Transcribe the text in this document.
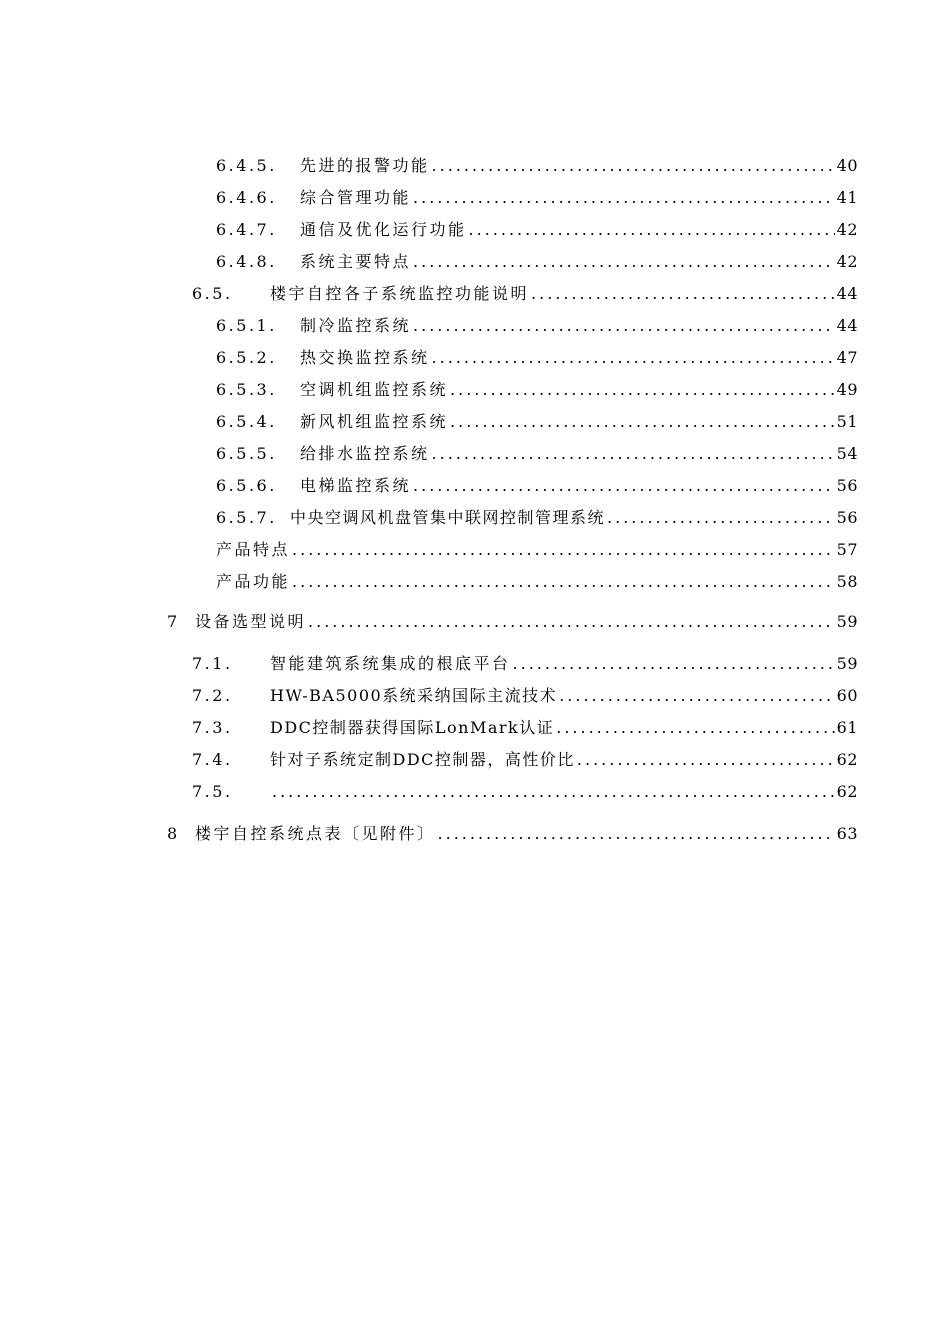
6.4.5.	先进的报警功能 .....	40
6.4.6.	综合管理功能 .....	41
6.4.7.	通信及优化运行功能 .....	42
6.4.8.	系统主要特点 .....	42
6.5.	楼宇自控各子系统监控功能说明 .....	44
6.5.1.	制冷监控系统 .....	44
6.5.2.	热交换监控系统 .....	47
6.5.3.	空调机组监控系统 .....	49
6.5.4.	新风机组监控系统 .....	51
6.5.5.	给排水监控系统 .....	54
6.5.6.	电梯监控系统 .....	56
6.5.7. 中央空调风机盘管集中联网控制管理系统 .....	56
产品特点 .....	57
产品功能 .....	58
7 设备选型说明 .....	59
7.1.	智能建筑系统集成的根底平台 .....	59
7.2.	HW-BA5000系统采纳国际主流技术 .....	60
7.3.	DDC控制器获得国际LonMark认证 .....	61
7.4.	针对子系统定制DDC控制器，高性价比 .....	62
7.5. .....	62
8 楼宇自控系统点表〔见附件〕 .....	63
